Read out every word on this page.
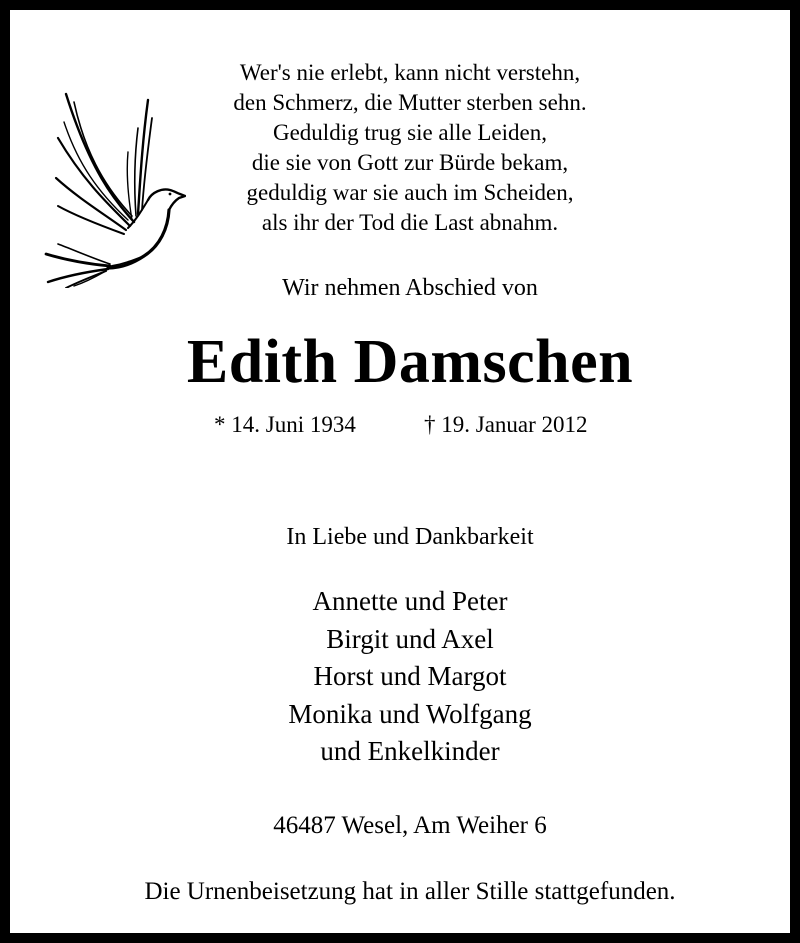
Wer's nie erlebt, kann nicht verstehn,
den Schmerz, die Mutter sterben sehn.
Geduldig trug sie alle Leiden,
die sie von Gott zur Bürde bekam,
geduldig war sie auch im Scheiden,
als ihr der Tod die Last abnahm.
Wir nehmen Abschied von
Edith Damschen
* 14. Juni 1934	† 19. Januar 2012
In Liebe und Dankbarkeit
Annette und Peter
Birgit und Axel
Horst und Margot
Monika und Wolfgang
und Enkelkinder
46487 Wesel, Am Weiher 6
Die Urnenbeisetzung hat in aller Stille stattgefunden.
